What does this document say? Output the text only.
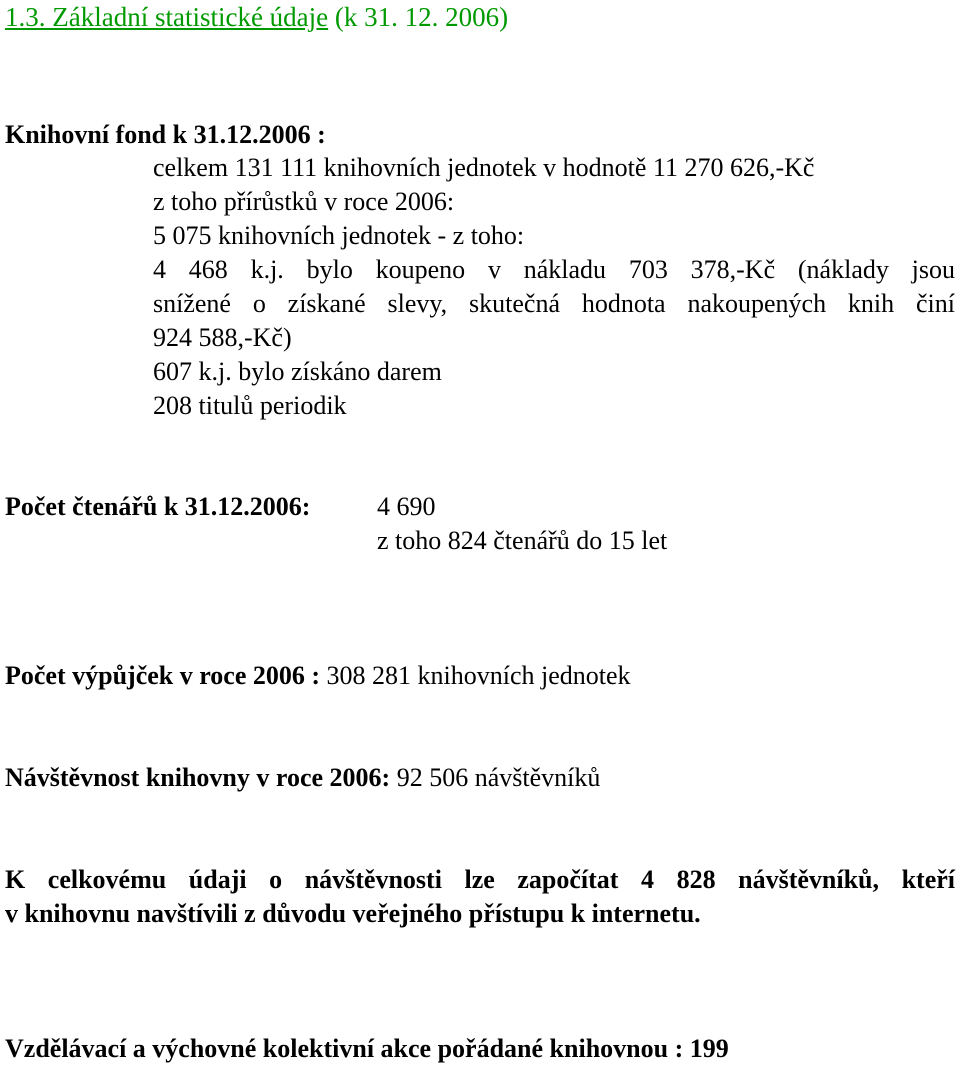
1.3. Základní statistické údaje (k 31. 12. 2006)
Knihovní fond k 31.12.2006 :
celkem 131 111 knihovních jednotek v hodnotě 11 270 626,-Kč
z toho přírůstků v roce 2006:
5 075 knihovních jednotek - z toho:
4 468 k.j. bylo koupeno v nákladu 703 378,-Kč (náklady jsou
snížené o získané slevy, skutečná hodnota nakoupených knih činí
924 588,-Kč)
607 k.j. bylo získáno darem
208 titulů periodik
Počet čtenářů k 31.12.2006:	4 690
z toho 824 čtenářů do 15 let
Počet výpůjček v roce 2006 : 308 281 knihovních jednotek
Návštěvnost knihovny v roce 2006: 92 506 návštěvníků
K celkovému údaji o návštěvnosti lze započítat 4 828 návštěvníků, kteří
v knihovnu navštívili z důvodu veřejného přístupu k internetu.
Vzdělávací a výchovné kolektivní akce pořádané knihovnou : 199
